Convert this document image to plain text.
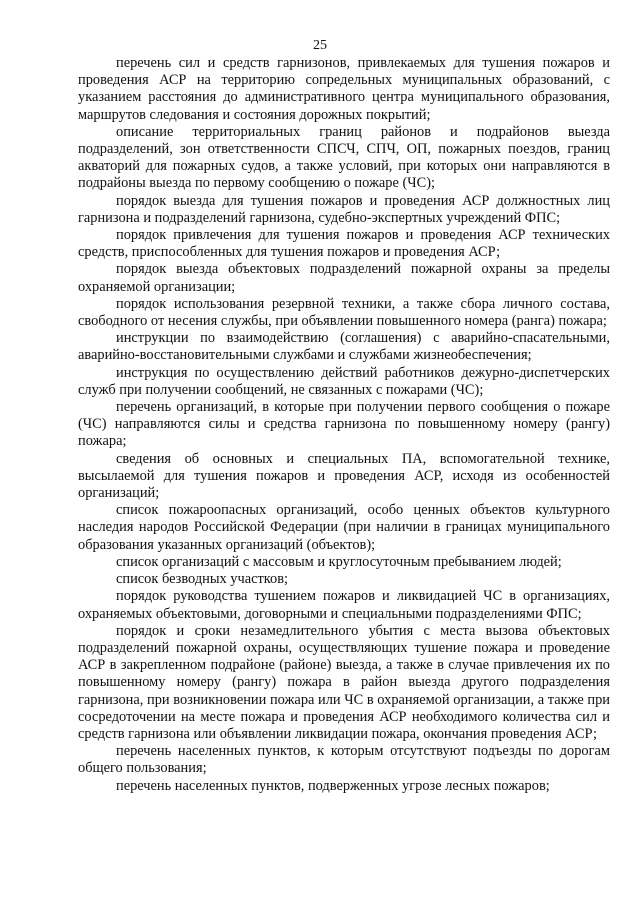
25

перечень сил и средств гарнизонов, привлекаемых для тушения пожаров и проведения АСР на территорию сопредельных муниципальных образований, с указанием расстояния до административного центра муниципального образования, маршрутов следования и состояния дорожных покрытий;

описание территориальных границ районов и подрайонов выезда подразделений, зон ответственности СПСЧ, СПЧ, ОП, пожарных поездов, границ акваторий для пожарных судов, а также условий, при которых они направляются в подрайоны выезда по первому сообщению о пожаре (ЧС);

порядок выезда для тушения пожаров и проведения АСР должностных лиц гарнизона и подразделений гарнизона, судебно-экспертных учреждений ФПС;

порядок привлечения для тушения пожаров и проведения АСР технических средств, приспособленных для тушения пожаров и проведения АСР;

порядок выезда объектовых подразделений пожарной охраны за пределы охраняемой организации;

порядок использования резервной техники, а также сбора личного состава, свободного от несения службы, при объявлении повышенного номера (ранга) пожара;

инструкции по взаимодействию (соглашения) с аварийно-спасательными, аварийно-восстановительными службами и службами жизнеобеспечения;

инструкция по осуществлению действий работников дежурно-диспетчерских служб при получении сообщений, не связанных с пожарами (ЧС);

перечень организаций, в которые при получении первого сообщения о пожаре (ЧС) направляются силы и средства гарнизона по повышенному номеру (рангу) пожара;

сведения об основных и специальных ПА, вспомогательной технике, высылаемой для тушения пожаров и проведения АСР, исходя из особенностей организаций;

список пожароопасных организаций, особо ценных объектов культурного наследия народов Российской Федерации (при наличии в границах муниципального образования указанных организаций (объектов);

список организаций с массовым и круглосуточным пребыванием людей;

список безводных участков;

порядок руководства тушением пожаров и ликвидацией ЧС в организациях, охраняемых объектовыми, договорными и специальными подразделениями ФПС;

порядок и сроки незамедлительного убытия с места вызова объектовых подразделений пожарной охраны, осуществляющих тушение пожара и проведение АСР в закрепленном подрайоне (районе) выезда, а также в случае привлечения их по повышенному номеру (рангу) пожара в район выезда другого подразделения гарнизона, при возникновении пожара или ЧС в охраняемой организации, а также при сосредоточении на месте пожара и проведения АСР необходимого количества сил и средств гарнизона или объявлении ликвидации пожара, окончания проведения АСР;

перечень населенных пунктов, к которым отсутствуют подъезды по дорогам общего пользования;

перечень населенных пунктов, подверженных угрозе лесных пожаров;
